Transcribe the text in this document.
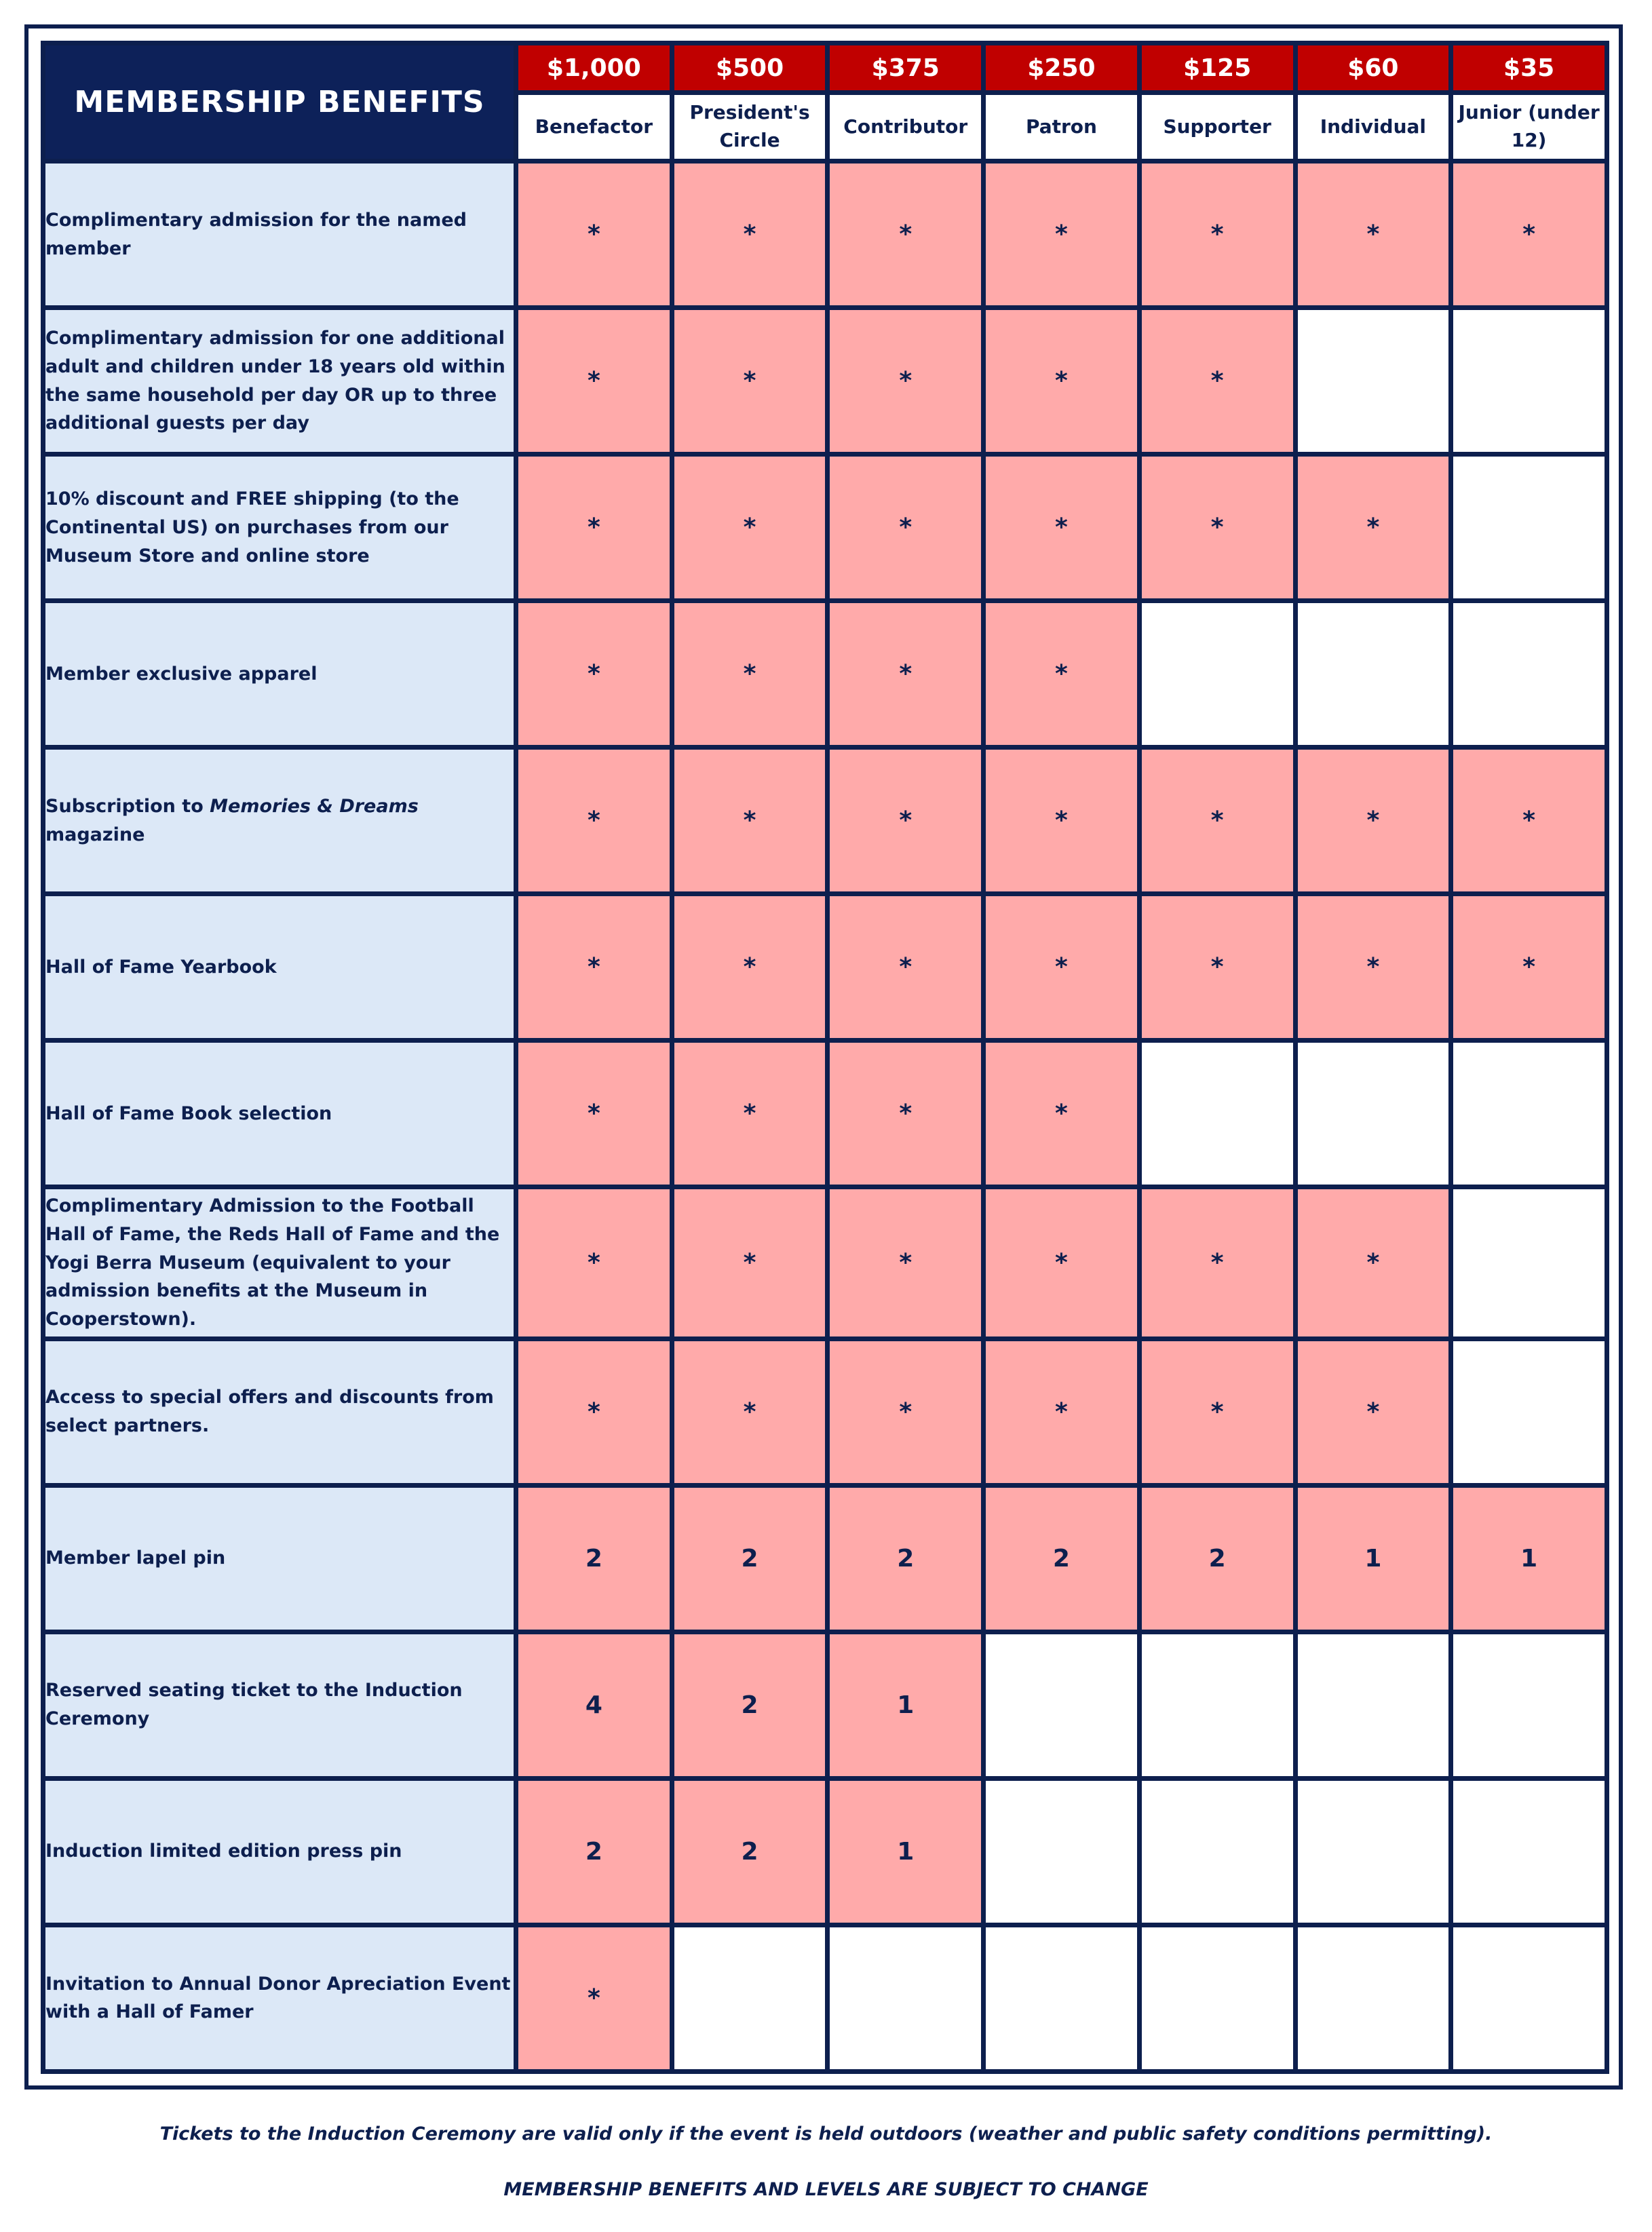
MEMBERSHIP BENEFITS	$1,000	$500	$375	$250	$125	$60	$35
	Benefactor	President's Circle	Contributor	Patron	Supporter	Individual	Junior (under 12)

Complimentary admission for the named member	*	*	*	*	*	*	*

Complimentary admission for one additional adult and children under 18 years old within the same household per day OR up to three additional guests per day	*	*	*	*	*		

10% discount and FREE shipping (to the Continental US) on purchases from our Museum Store and online store	*	*	*	*	*	*	

Member exclusive apparel	*	*	*	*			

Subscription to Memories & Dreams magazine	*	*	*	*	*	*	*

Hall of Fame Yearbook	*	*	*	*	*	*	*

Hall of Fame Book selection	*	*	*	*			

Complimentary Admission to the Football Hall of Fame, the Reds Hall of Fame and the Yogi Berra Museum (equivalent to your admission benefits at the Museum in Cooperstown).	*	*	*	*	*	*	

Access to special offers and discounts from select partners.	*	*	*	*	*	*	

Member lapel pin	2	2	2	2	2	1	1

Reserved seating ticket to the Induction Ceremony	4	2	1				

Induction limited edition press pin	2	2	1				

Invitation to Annual Donor Apreciation Event with a Hall of Famer	*						
Tickets to the Induction Ceremony are valid only if the event is held outdoors (weather and public safety conditions permitting).
MEMBERSHIP BENEFITS AND LEVELS ARE SUBJECT TO CHANGE
